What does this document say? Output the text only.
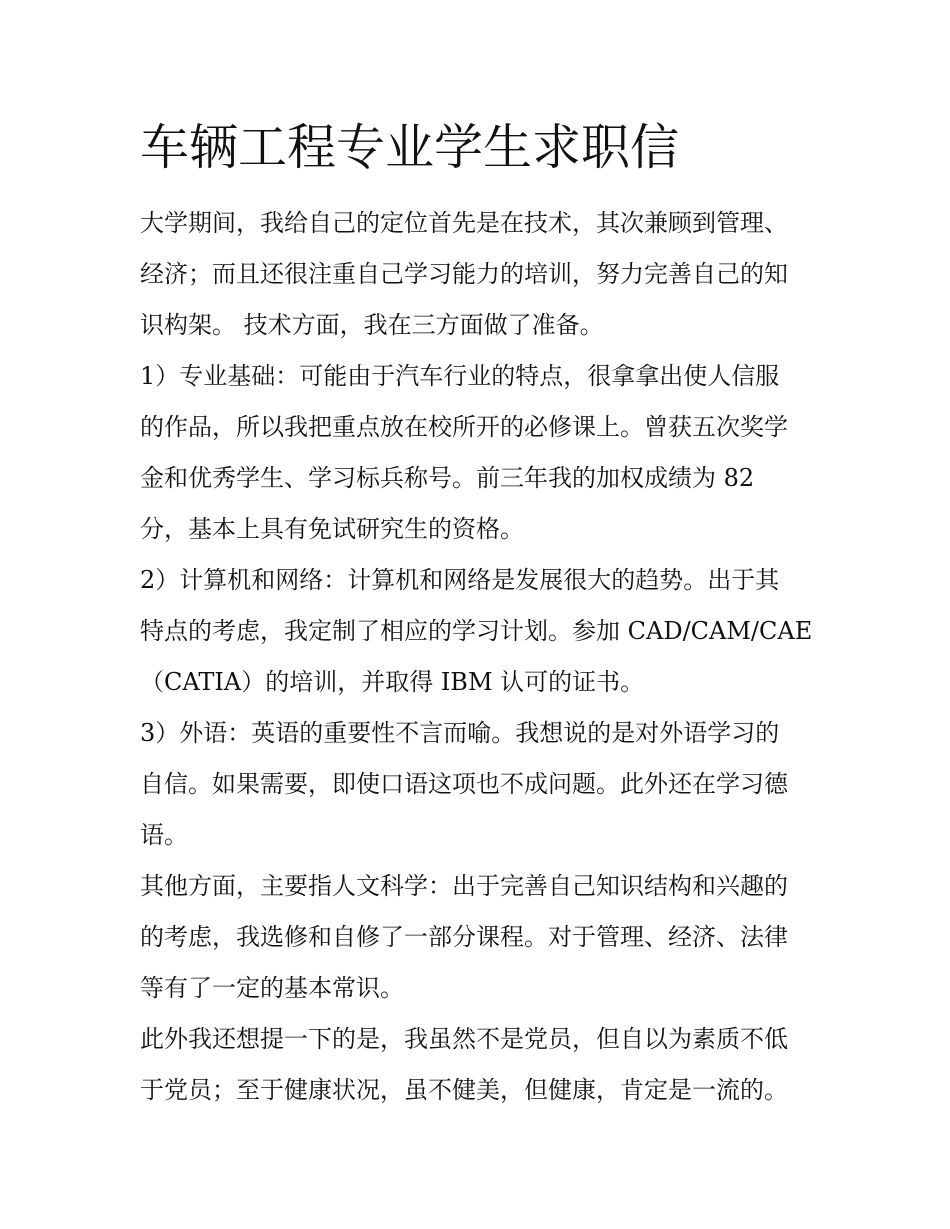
车辆工程专业学生求职信
大学期间，我给自己的定位首先是在技术，其次兼顾到管理、
经济；而且还很注重自己学习能力的培训，努力完善自己的知
识构架。 技术方面，我在三方面做了准备。
1）专业基础：可能由于汽车行业的特点，很拿拿出使人信服
的作品，所以我把重点放在校所开的必修课上。曾获五次奖学
金和优秀学生、学习标兵称号。前三年我的加权成绩为 82
分，基本上具有免试研究生的资格。
2）计算机和网络：计算机和网络是发展很大的趋势。出于其
特点的考虑，我定制了相应的学习计划。参加 CAD/CAM/CAE
（CATIA）的培训，并取得 IBM 认可的证书。
3）外语：英语的重要性不言而喻。我想说的是对外语学习的
自信。如果需要，即使口语这项也不成问题。此外还在学习德
语。
其他方面，主要指人文科学：出于完善自己知识结构和兴趣的
的考虑，我选修和自修了一部分课程。对于管理、经济、法律
等有了一定的基本常识。
此外我还想提一下的是，我虽然不是党员，但自以为素质不低
于党员；至于健康状况，虽不健美，但健康，肯定是一流的。
